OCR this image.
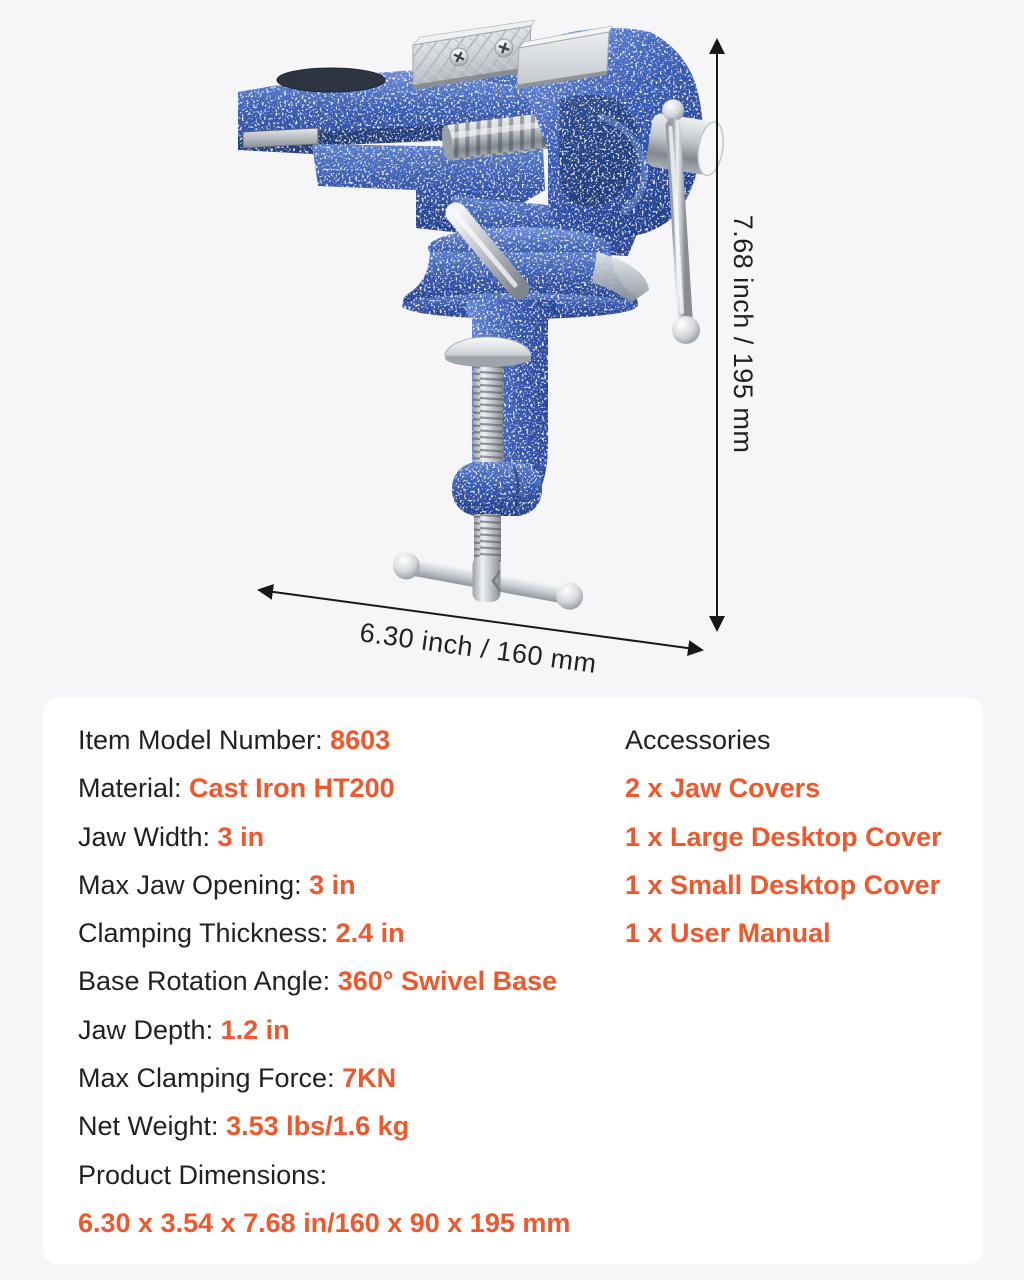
7.68 inch / 195 mm
6.30 inch / 160 mm
Item Model Number: 8603
Material: Cast Iron HT200
Jaw Width: 3 in
Max Jaw Opening: 3 in
Clamping Thickness: 2.4 in
Base Rotation Angle: 360° Swivel Base
Jaw Depth: 1.2 in
Max Clamping Force: 7KN
Net Weight: 3.53 lbs/1.6 kg
Product Dimensions:
6.30 x 3.54 x 7.68 in/160 x 90 x 195 mm
Accessories
2 x Jaw Covers
1 x Large Desktop Cover
1 x Small Desktop Cover
1 x User Manual
